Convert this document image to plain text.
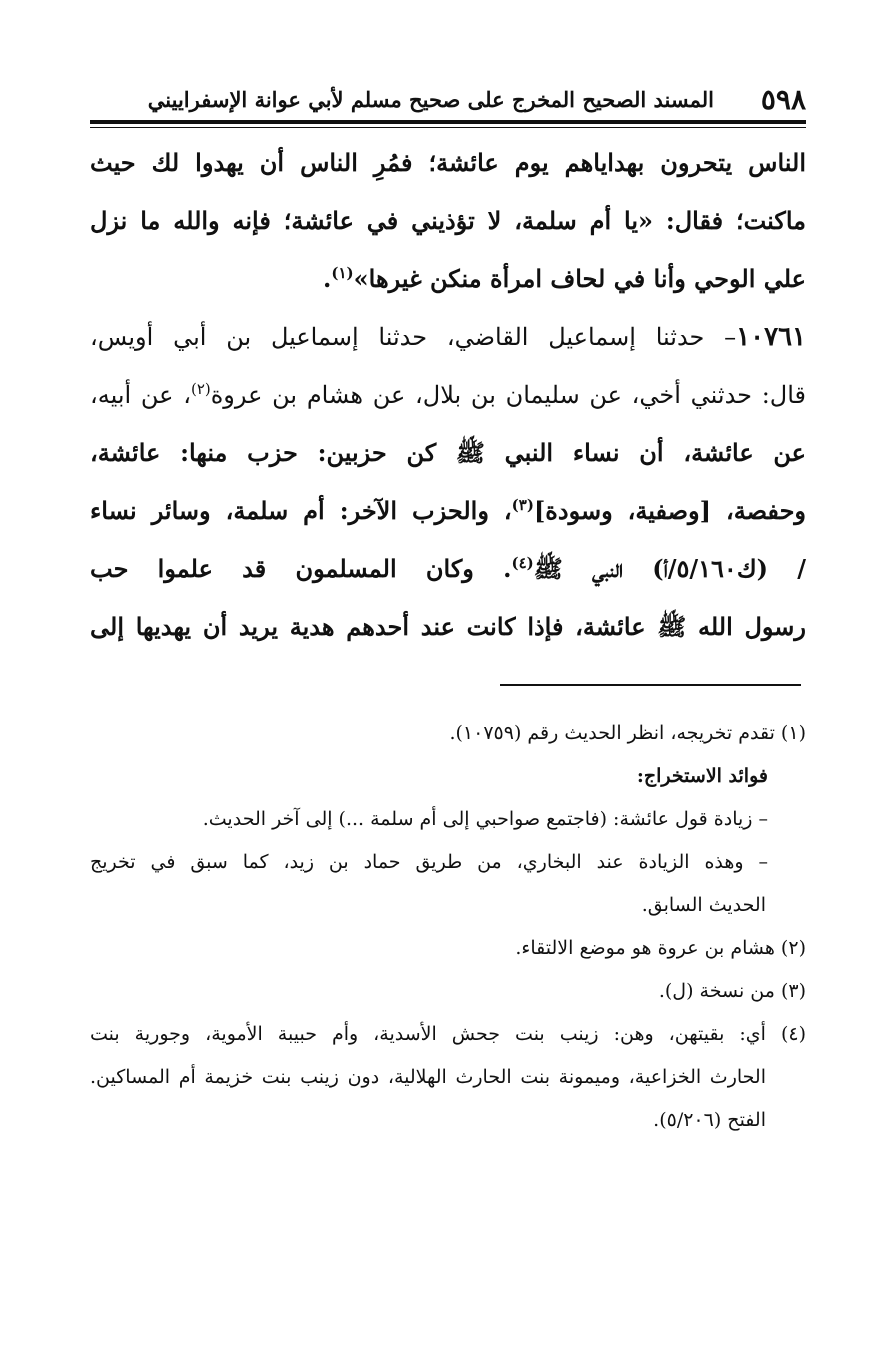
٥٩٨
المسند الصحيح المخرج على صحيح مسلم لأبي عوانة الإسفراييني
الناس يتحرون بهداياهم يوم عائشة؛ فمُرِ الناس أن يهدوا لك حيث
ماكنت؛ فقال: «يا أم سلمة، لا تؤذيني في عائشة؛ فإنه والله ما نزل
علي الوحي وأنا في لحاف امرأة منكن غيرها»$^{(١)}$.
١٠٧٦١– حدثنا إسماعيل القاضي، حدثنا إسماعيل بن أبي أويس،
قال: حدثني أخي، عن سليمان بن بلال، عن هشام بن عروة$^{(٢)}$، عن أبيه،
عن عائشة، أن نساء النبي ﷺ كن حزبين: حزب منها: عائشة،
وحفصة، [وصفية، وسودة]$^{(٣)}$، والحزب الآخر: أم سلمة، وسائر نساء
/ (ك٥/١٦٠/أ) النبي ﷺ$^{(٤)}$. وكان المسلمون قد علموا حب
رسول الله ﷺ عائشة، فإذا كانت عند أحدهم هدية يريد أن يهديها إلى
(١) تقدم تخريجه، انظر الحديث رقم (١٠٧٥٩).
فوائد الاستخراج:
– زيادة قول عائشة: (فاجتمع صواحبي إلى أم سلمة ...) إلى آخر الحديث.
– وهذه الزيادة عند البخاري، من طريق حماد بن زيد، كما سبق في تخريج
الحديث السابق.
(٢) هشام بن عروة هو موضع الالتقاء.
(٣) من نسخة (ل).
(٤) أي: بقيتهن، وهن: زينب بنت جحش الأسدية، وأم حبيبة الأموية، وجورية بنت
الحارث الخزاعية، وميمونة بنت الحارث الهلالية، دون زينب بنت خزيمة أم المساكين.
الفتح (٥/٢٠٦).
